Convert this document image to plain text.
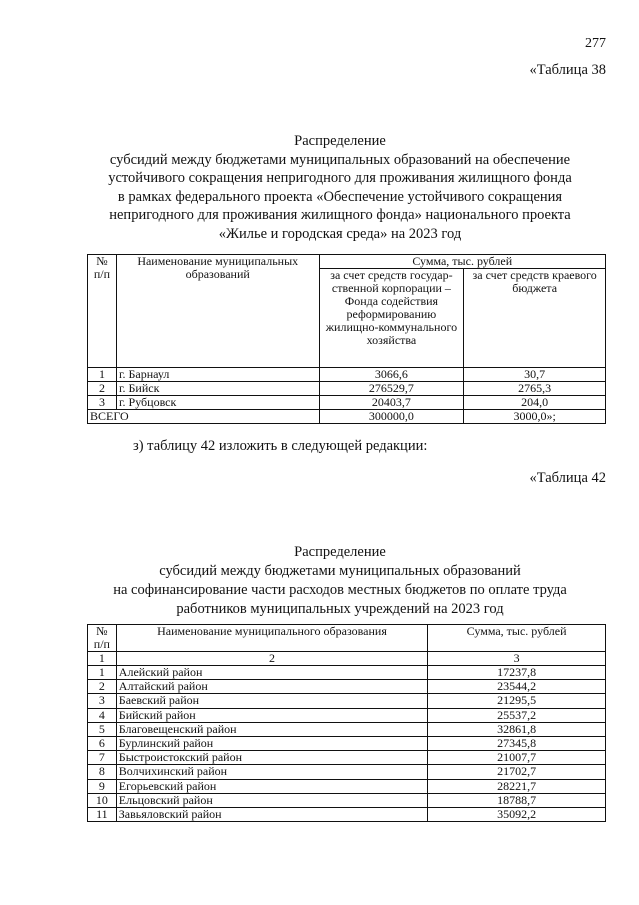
277
«Таблица 38
Распределение
субсидий между бюджетами муниципальных образований на обеспечение
устойчивого сокращения непригодного для проживания жилищного фонда
в рамках федерального проекта «Обеспечение устойчивого сокращения
непригодного для проживания жилищного фонда» национального проекта
«Жилье и городская среда» на 2023 год
№ п/п	Наименование муниципальных образований	Сумма, тыс. рублей	
		за счет средств государ-ственной корпорации – Фонда содействия реформированию жилищно-коммунального хозяйства	за счет средств краевого бюджета
1	г. Барнаул	3066,6	30,7
2	г. Бийск	276529,7	2765,3
3	г. Рубцовск	20403,7	204,0
ВСЕГО		300000,0	3000,0»;
з) таблицу 42 изложить в следующей редакции:
«Таблица 42
Распределение
субсидий между бюджетами муниципальных образований
на софинансирование части расходов местных бюджетов по оплате труда
работников муниципальных учреждений на 2023 год
№ п/п	Наименование муниципального образования	Сумма, тыс. рублей
1	2	3
1	Алейский район	17237,8
2	Алтайский район	23544,2
3	Баевский район	21295,5
4	Бийский район	25537,2
5	Благовещенский район	32861,8
6	Бурлинский район	27345,8
7	Быстроистокский район	21007,7
8	Волчихинский район	21702,7
9	Егорьевский район	28221,7
10	Ельцовский район	18788,7
11	Завьяловский район	35092,2
